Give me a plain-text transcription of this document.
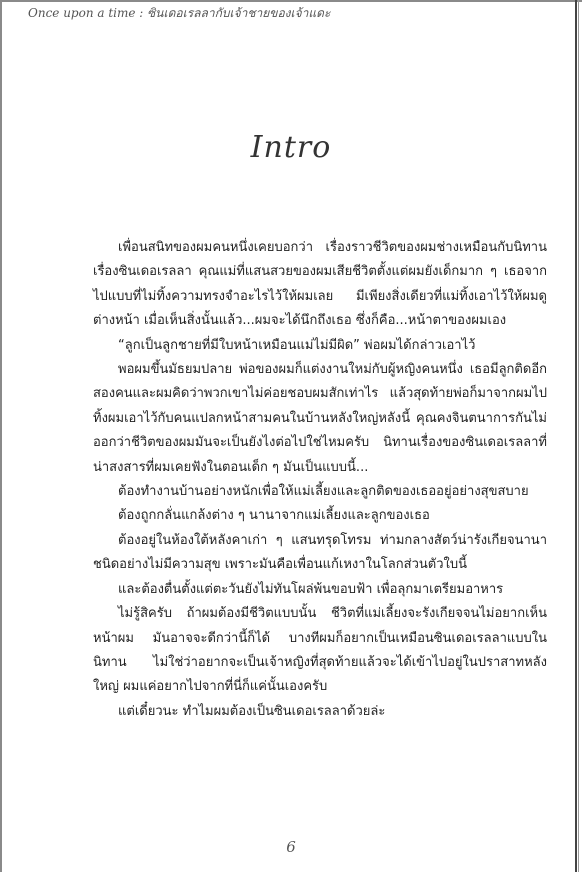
Once upon a time : ซินเดอเรลลากับเจ้าชายของเจ้าแดะ
Intro

เพื่อนสนิทของผมคนหนึ่งเคยบอกว่า เรื่องราวชีวิตของผมช่างเหมือนกับนิทานเรื่องซินเดอเรลลา คุณแม่ที่แสนสวยของผมเสียชีวิตตั้งแต่ผมยังเด็กมาก ๆ เธอจากไปแบบที่ไม่ทิ้งความทรงจำอะไรไว้ให้ผมเลย มีเพียงสิ่งเดียวที่แม่ทิ้งเอาไว้ให้ผมดูต่างหน้า เมื่อเห็นสิ่งนั้นแล้ว...ผมจะได้นึกถึงเธอ ซึ่งก็คือ...หน้าตาของผมเอง

“ลูกเป็นลูกชายที่มีใบหน้าเหมือนแม่ไม่มีผิด” พ่อผมได้กล่าวเอาไว้

พอผมขึ้นมัธยมปลาย พ่อของผมก็แต่งงานใหม่กับผู้หญิงคนหนึ่ง เธอมีลูกติดอีกสองคนและผมคิดว่าพวกเขาไม่ค่อยชอบผมสักเท่าไร แล้วสุดท้ายพ่อก็มาจากผมไป ทิ้งผมเอาไว้กับคนแปลกหน้าสามคนในบ้านหลังใหญ่หลังนี้ คุณคงจินตนาการกันไม่ออกว่าชีวิตของผมมันจะเป็นยังไงต่อไปใช่ไหมครับ นิทานเรื่องของซินเดอเรลลาที่น่าสงสารที่ผมเคยฟังในตอนเด็ก ๆ มันเป็นแบบนี้...

ต้องทำงานบ้านอย่างหนักเพื่อให้แม่เลี้ยงและลูกติดของเธออยู่อย่างสุขสบาย

ต้องถูกกลั่นแกล้งต่าง ๆ นานาจากแม่เลี้ยงและลูกของเธอ

ต้องอยู่ในห้องใต้หลังคาเก่า ๆ แสนทรุดโทรม ท่ามกลางสัตว์น่ารังเกียจนานาชนิดอย่างไม่มีความสุข เพราะมันคือเพื่อนแก้เหงาในโลกส่วนตัวใบนี้

และต้องตื่นตั้งแต่ตะวันยังไม่ทันโผล่พ้นขอบฟ้า เพื่อลุกมาเตรียมอาหาร

ไม่รู้สิครับ ถ้าผมต้องมีชีวิตแบบนั้น ชีวิตที่แม่เลี้ยงจะรังเกียจจนไม่อยากเห็นหน้าผม มันอาจจะดีกว่านี้ก็ได้ บางทีผมก็อยากเป็นเหมือนซินเดอเรลลาแบบในนิทาน ไม่ใช่ว่าอยากจะเป็นเจ้าหญิงที่สุดท้ายแล้วจะได้เข้าไปอยู่ในปราสาทหลังใหญ่ ผมแค่อยากไปจากที่นี่ก็แค่นั้นเองครับ

แต่เดี๋ยวนะ ทำไมผมต้องเป็นซินเดอเรลลาด้วยล่ะ

6
